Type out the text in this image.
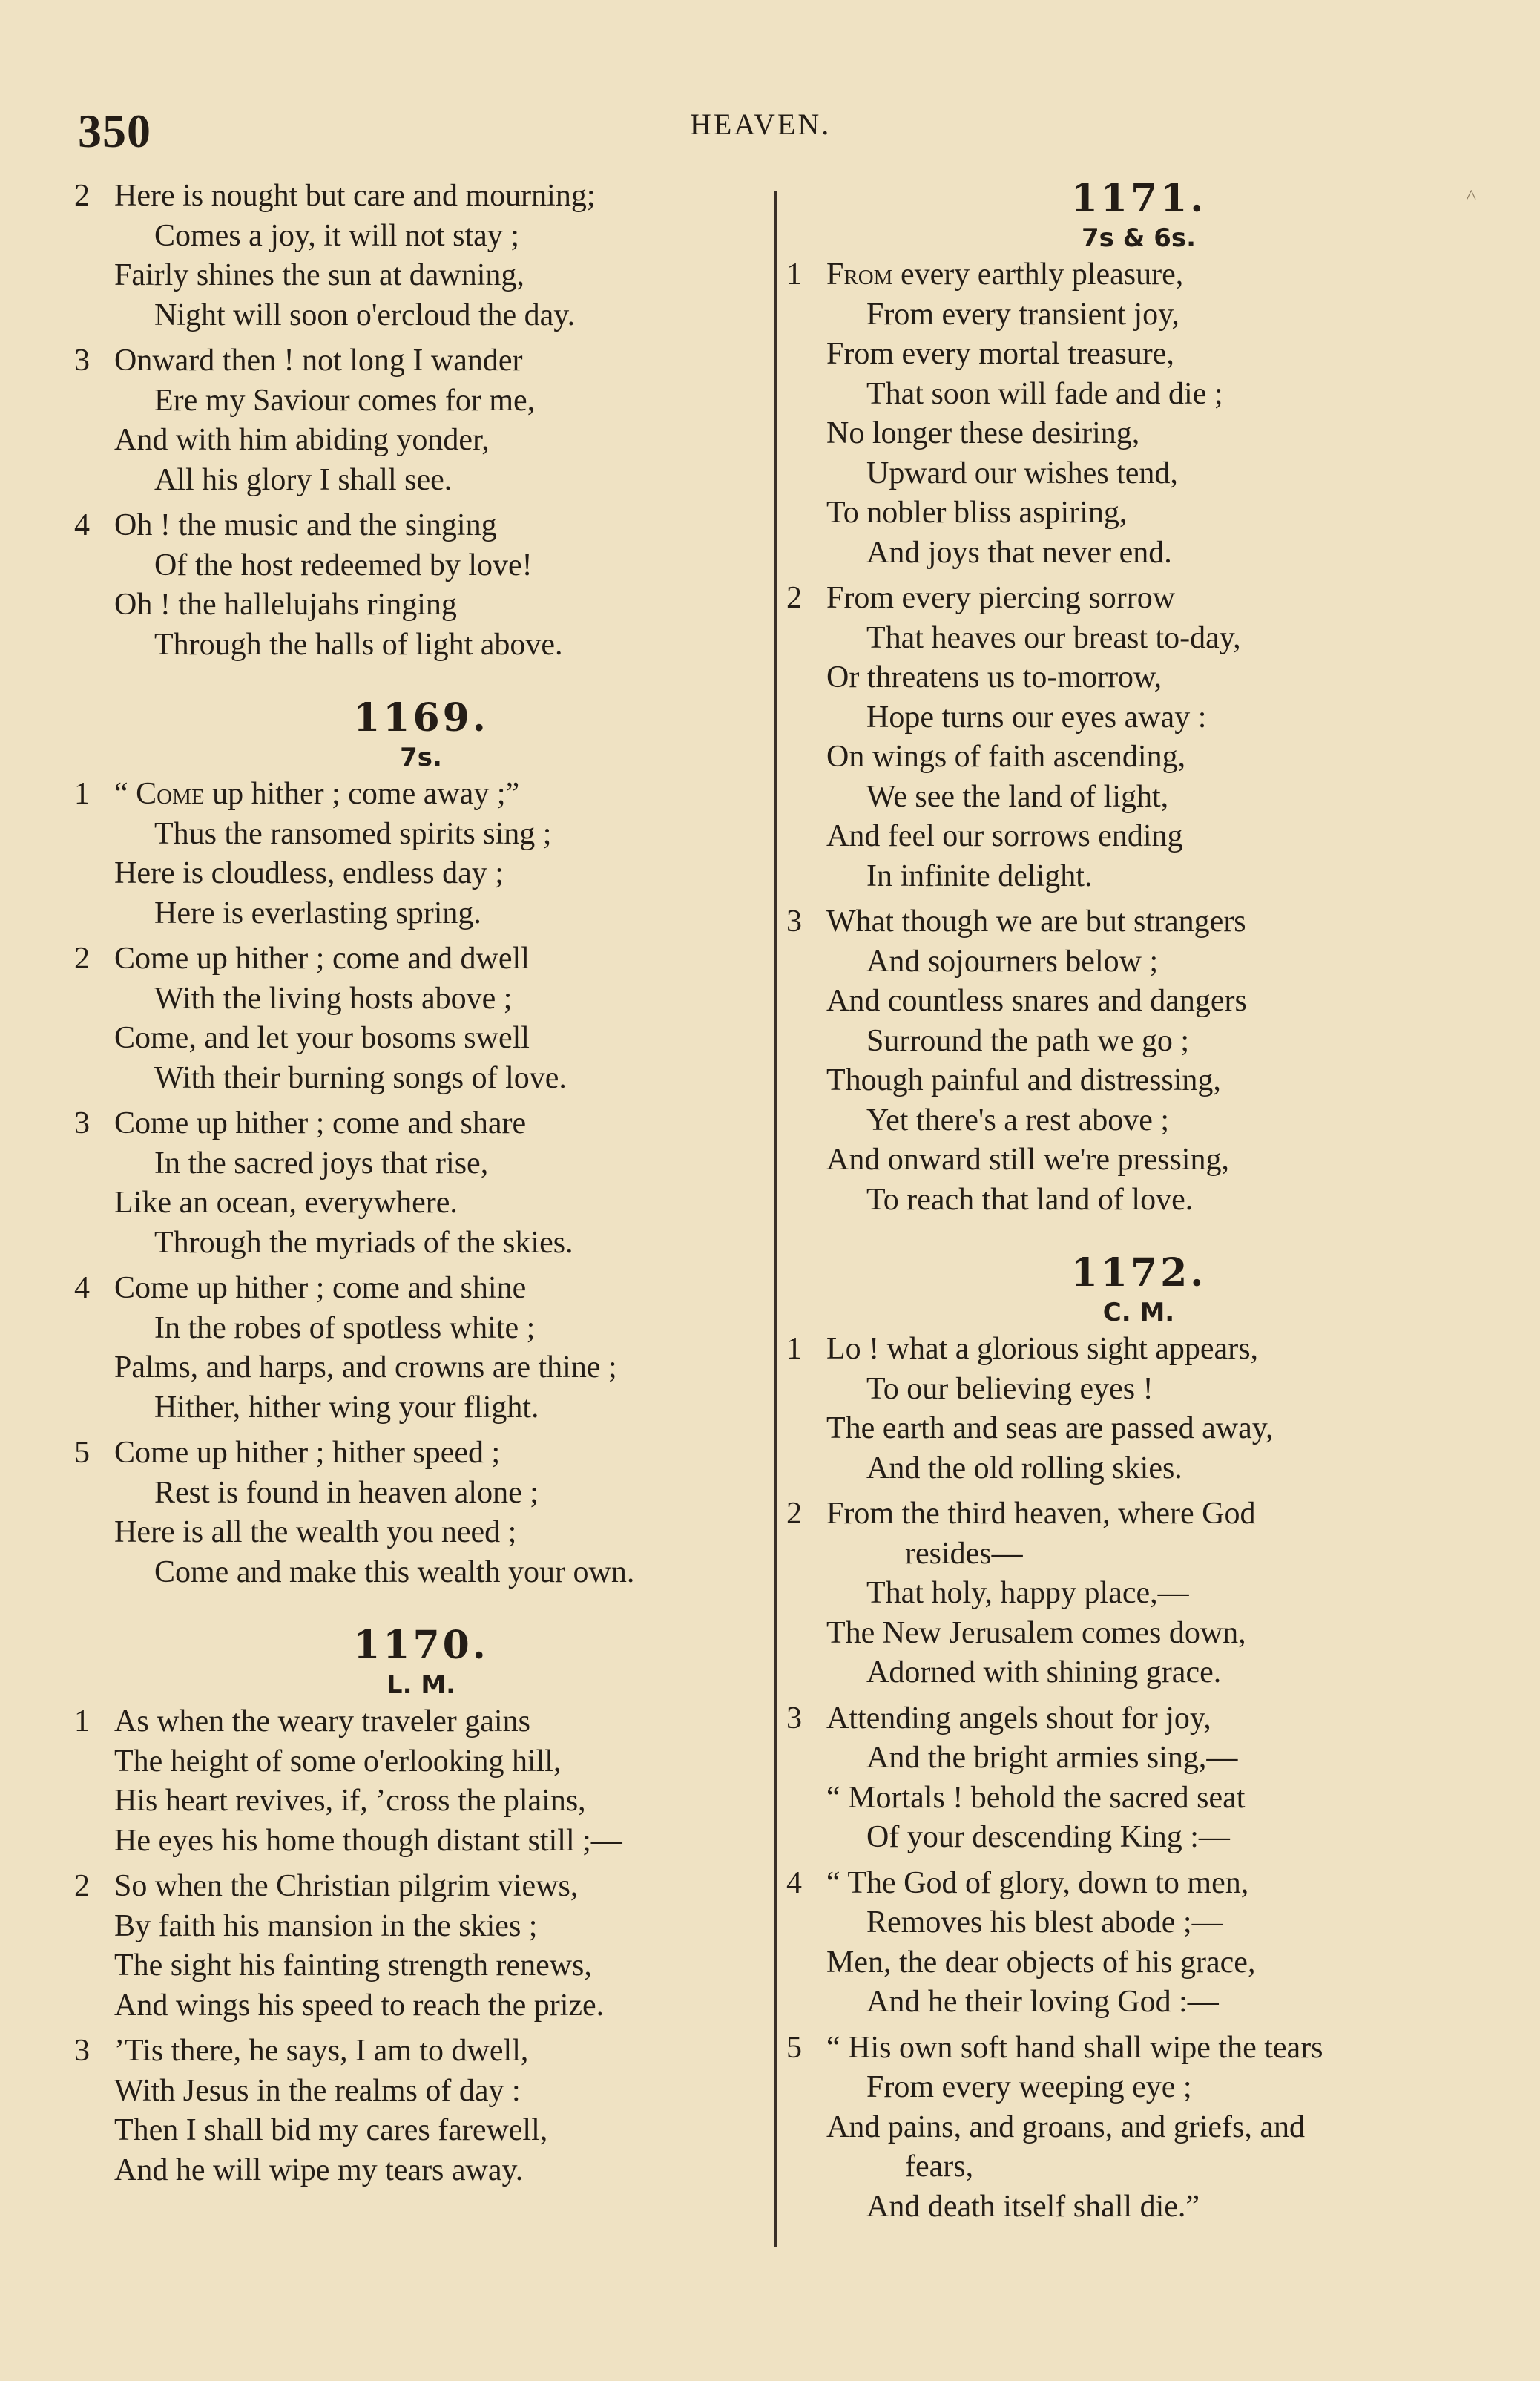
350	HEAVEN.
˄
2 Here is nought but care and mourning;
Comes a joy, it will not stay ;
Fairly shines the sun at dawning,
Night will soon o'ercloud the day.
3 Onward then ! not long I wander
Ere my Saviour comes for me,
And with him abiding yonder,
All his glory I shall see.
4 Oh ! the music and the singing
Of the host redeemed by love!
Oh ! the hallelujahs ringing
Through the halls of light above.
1169.
7s.
1 “ Come up hither ; come away ;”
Thus the ransomed spirits sing ;
Here is cloudless, endless day ;
Here is everlasting spring.
2 Come up hither ; come and dwell
With the living hosts above ;
Come, and let your bosoms swell
With their burning songs of love.
3 Come up hither ; come and share
In the sacred joys that rise,
Like an ocean, everywhere.
Through the myriads of the skies.
4 Come up hither ; come and shine
In the robes of spotless white ;
Palms, and harps, and crowns are thine ;
Hither, hither wing your flight.
5 Come up hither ; hither speed ;
Rest is found in heaven alone ;
Here is all the wealth you need ;
Come and make this wealth your own.
1170.
L. M.
1 As when the weary traveler gains
The height of some o'erlooking hill,
His heart revives, if, ’cross the plains,
He eyes his home though distant still ;—
2 So when the Christian pilgrim views,
By faith his mansion in the skies ;
The sight his fainting strength renews,
And wings his speed to reach the prize.
3 ’Tis there, he says, I am to dwell,
With Jesus in the realms of day :
Then I shall bid my cares farewell,
And he will wipe my tears away.
1171.
7s & 6s.
1 From every earthly pleasure,
From every transient joy,
From every mortal treasure,
That soon will fade and die ;
No longer these desiring,
Upward our wishes tend,
To nobler bliss aspiring,
And joys that never end.
2 From every piercing sorrow
That heaves our breast to-day,
Or threatens us to-morrow,
Hope turns our eyes away :
On wings of faith ascending,
We see the land of light,
And feel our sorrows ending
In infinite delight.
3 What though we are but strangers
And sojourners below ;
And countless snares and dangers
Surround the path we go ;
Though painful and distressing,
Yet there's a rest above ;
And onward still we're pressing,
To reach that land of love.
1172.
C. M.
1 Lo ! what a glorious sight appears,
To our believing eyes !
The earth and seas are passed away,
And the old rolling skies.
2 From the third heaven, where God
resides—
That holy, happy place,—
The New Jerusalem comes down,
Adorned with shining grace.
3 Attending angels shout for joy,
And the bright armies sing,—
“ Mortals ! behold the sacred seat
Of your descending King :—
4 “ The God of glory, down to men,
Removes his blest abode ;—
Men, the dear objects of his grace,
And he their loving God :—
5 “ His own soft hand shall wipe the tears
From every weeping eye ;
And pains, and groans, and griefs, and
fears,
And death itself shall die.”
